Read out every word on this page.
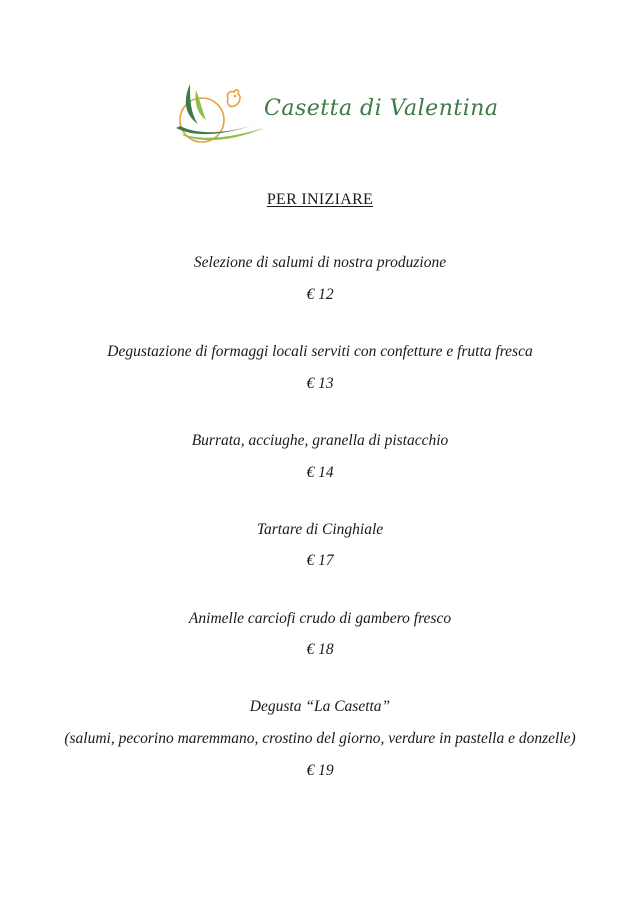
Casetta di Valentina
PER INIZIARE
Selezione di salumi di nostra produzione
€ 12
Degustazione di formaggi locali serviti con confetture e frutta fresca
€ 13
Burrata, acciughe, granella di pistacchio
€ 14
Tartare di Cinghiale
€ 17
Animelle carciofi crudo di gambero fresco
€ 18
Degusta “La Casetta”
(salumi, pecorino maremmano, crostino del giorno, verdure in pastella e donzelle)
€ 19
